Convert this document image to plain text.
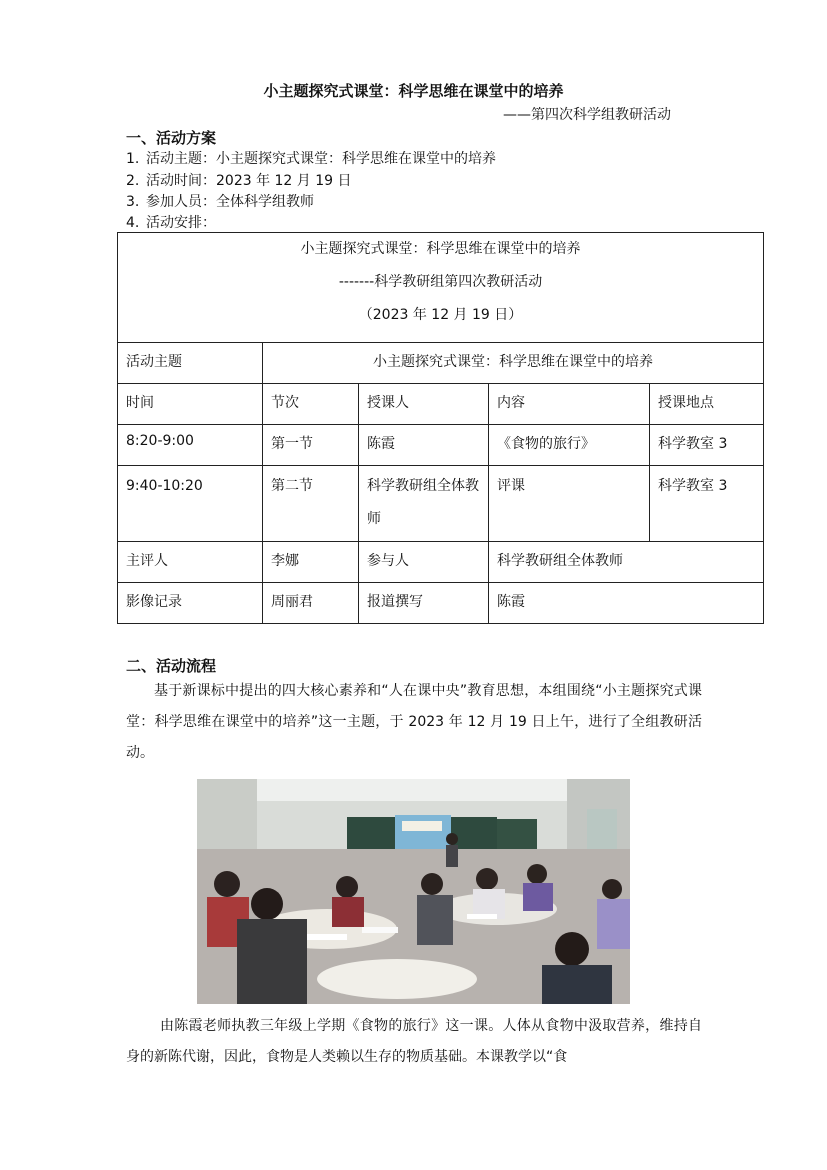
小主题探究式课堂：科学思维在课堂中的培养
——第四次科学组教研活动
一、活动方案
1. 活动主题：小主题探究式课堂：科学思维在课堂中的培养
2. 活动时间：2023 年 12 月 19 日
3. 参加人员：全体科学组教师
4. 活动安排：
小主题探究式课堂：科学思维在课堂中的培养
-------科学教研组第四次教研活动
（2023 年 12 月 19 日）				

活动主题	小主题探究式课堂：科学思维在课堂中的培养			
时间	节次	授课人	内容	授课地点
8:20-9:00	第一节	陈霞	《食物的旅行》	科学教室 3
9:40-10:20	第二节	科学教研组全体教师	评课	科学教室 3
主评人	李娜	参与人	科学教研组全体教师	
影像记录	周丽君	报道撰写	陈霞	
二、活动流程
基于新课标中提出的四大核心素养和“人在课中央”教育思想，本组围绕“小主题探究式课堂：科学思维在课堂中的培养”这一主题，于 2023 年 12 月 19 日上午，进行了全组教研活动。
由陈霞老师执教三年级上学期《食物的旅行》这一课。人体从食物中汲取营养，维持自身的新陈代谢，因此，食物是人类赖以生存的物质基础。本课教学以“食
